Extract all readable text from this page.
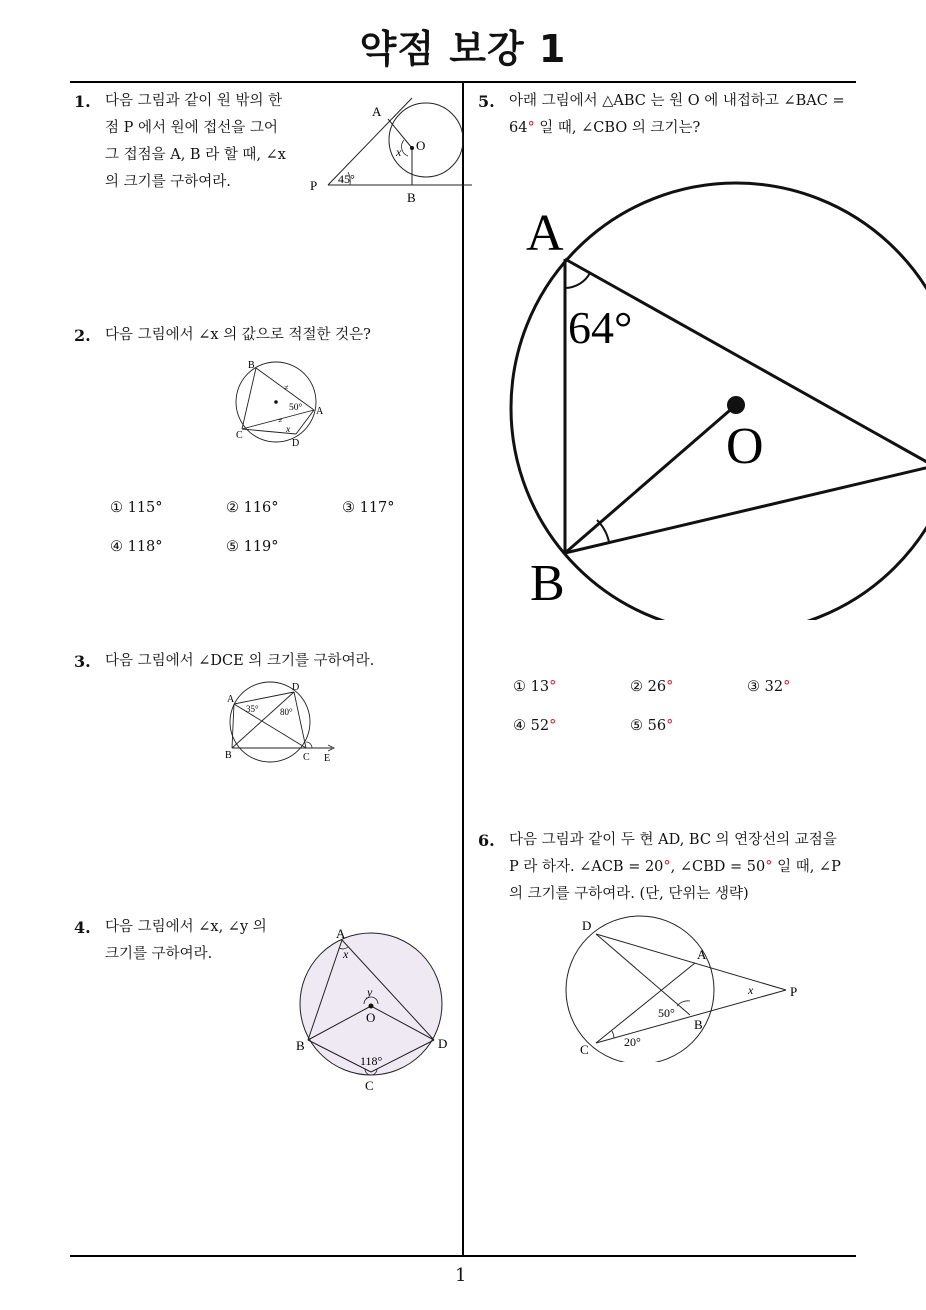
약점 보강 1
1
1. 다음 그림과 같이 원 밖의 한
점 P 에서 원에 접선을 그어
그 접점을 A, B 라 할 때, ∠x
의 크기를 구하여라.
A
B
P
O
x
45°
2. 다음 그림에서 ∠x 의 값으로 적절한 것은?
≠
≠
B
A
C
D
50°
x
① 115°	② 116°	③ 117°
④ 118°	⑤ 119°
3. 다음 그림에서 ∠DCE 의 크기를 구하여라.
A
D
B	C E
35° 80°
4. 다음 그림에서 ∠x, ∠y 의
크기를 구하여라.
A
B
C
D
O
x
y
118°
5. 아래 그림에서 △ABC 는 원 O 에 내접하고 ∠BAC =
64° 일 때, ∠CBO 의 크기는?
A
B
O
64°
① 13°	② 26°	③ 32°
④ 52°	⑤ 56°
6. 다음 그림과 같이 두 현 AD, BC 의 연장선의 교점을
P 라 하자. ∠ACB = 20°, ∠CBD = 50° 일 때, ∠P
의 크기를 구하여라. (단, 단위는 생략)
D
A
B
C
P
x
50°
20°
